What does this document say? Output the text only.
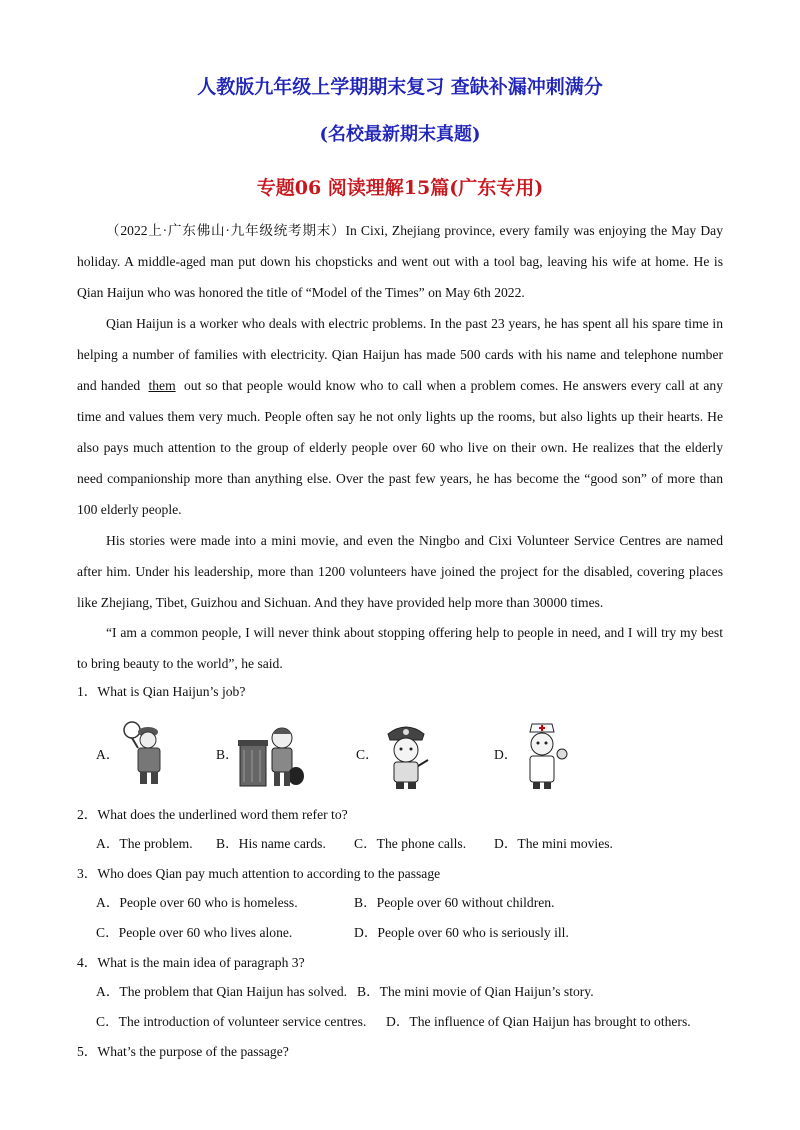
人教版九年级上学期期末复习 查缺补漏冲刺满分
(名校最新期末真题)
专题06 阅读理解15篇(广东专用)

（2022上·广东佛山·九年级统考期末）In Cixi, Zhejiang province, every family was enjoying the May Day holiday. A middle-aged man put down his chopsticks and went out with a tool bag, leaving his wife at home. He is Qian Haijun who was honored the title of “Model of the Times” on May 6th 2022.

Qian Haijun is a worker who deals with electric problems. In the past 23 years, he has spent all his spare time in helping a number of families with electricity. Qian Haijun has made 500 cards with his name and telephone number and handed them out so that people would know who to call when a problem comes. He answers every call at any time and values them very much. People often say he not only lights up the rooms, but also lights up their hearts. He also pays much attention to the group of elderly people over 60 who live on their own. He realizes that the elderly need companionship more than anything else. Over the past few years, he has become the “good son” of more than 100 elderly people.

His stories were made into a mini movie, and even the Ningbo and Cixi Volunteer Service Centres are named after him. Under his leadership, more than 1200 volunteers have joined the project for the disabled, covering places like Zhejiang, Tibet, Guizhou and Sichuan. And they have provided help more than 30000 times.

“I am a common people, I will never think about stopping offering help to people in need, and I will try my best to bring beauty to the world”, he said.

1．What is Qian Haijun’s job?
A．	B．	C．	D．
2．What does the underlined word them refer to?
A．The problem. B．His name cards. C．The phone calls. D．The mini movies.
3．Who does Qian pay much attention to according to the passage
A．People over 60 who is homeless.	B．People over 60 without children.
C．People over 60 who lives alone.	D．People over 60 who is seriously ill.
4．What is the main idea of paragraph 3?
A．The problem that Qian Haijun has solved. B．The mini movie of Qian Haijun’s story.
C．The introduction of volunteer service centres. D．The influence of Qian Haijun has brought to others.
5．What’s the purpose of the passage?
